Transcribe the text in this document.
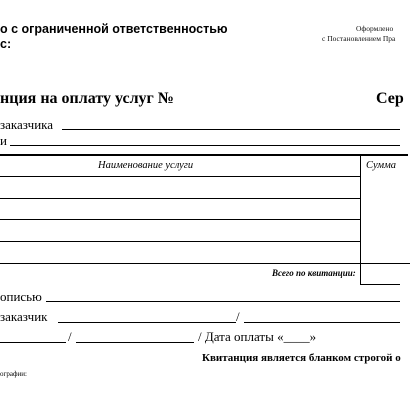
о с ограниченной ответственностью
с:
Оформлено
с Постановлением Пра
нция на оплату услуг №	Сер
заказчика
и
Наименование услуги	Сумма
Всего по квитанции:
описью
заказчик	/
/	/ Дата оплаты «____»
Квитанция является бланком строгой о
ографии:
